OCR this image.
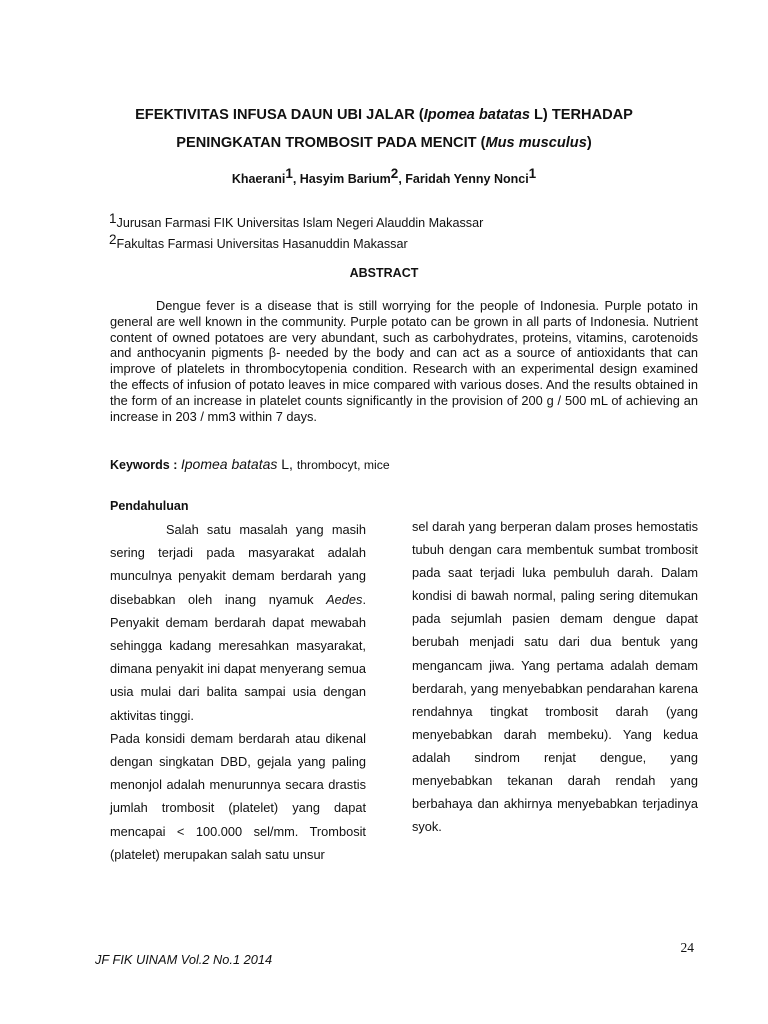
EFEKTIVITAS INFUSA DAUN UBI JALAR (Ipomea batatas L) TERHADAP
PENINGKATAN TROMBOSIT PADA MENCIT (Mus musculus)
Khaerani$^1$, Hasyim Barium$^2$, Faridah Yenny Nonci$^1$
$^1$Jurusan Farmasi FIK Universitas Islam Negeri Alauddin Makassar
$^2$Fakultas Farmasi Universitas Hasanuddin Makassar
ABSTRACT

Dengue fever is a disease that is still worrying for the people of Indonesia. Purple potato in general are well known in the community. Purple potato can be grown in all parts of Indonesia. Nutrient content of owned potatoes are very abundant, such as carbohydrates, proteins, vitamins, carotenoids and anthocyanin pigments β- needed by the body and can act as a source of antioxidants that can improve of platelets in thrombocytopenia condition. Research with an experimental design examined the effects of infusion of potato leaves in mice compared with various doses. And the results obtained in the form of an increase in platelet counts significantly in the provision of 200 g / 500 mL of achieving an increase in 203 / mm3 within 7 days.

Keywords : Ipomea batatas L, thrombocyt, mice
Pendahuluan
Salah satu masalah yang masih sering terjadi pada masyarakat adalah munculnya penyakit demam berdarah yang disebabkan oleh inang nyamuk Aedes. Penyakit demam berdarah dapat mewabah sehingga kadang meresahkan masyarakat, dimana penyakit ini dapat menyerang semua usia mulai dari balita sampai usia dengan aktivitas tinggi.
Pada konsidi demam berdarah atau dikenal dengan singkatan DBD, gejala yang paling menonjol adalah menurunnya secara drastis jumlah trombosit (platelet) yang dapat mencapai < 100.000 sel/mm. Trombosit (platelet) merupakan salah satu unsur
sel darah yang berperan dalam proses hemostatis tubuh dengan cara membentuk sumbat trombosit pada saat terjadi luka pembuluh darah. Dalam kondisi di bawah normal, paling sering ditemukan pada sejumlah pasien demam dengue dapat berubah menjadi satu dari dua bentuk yang mengancam jiwa. Yang pertama adalah demam berdarah, yang menyebabkan pendarahan karena rendahnya tingkat trombosit darah (yang menyebabkan darah membeku). Yang kedua adalah sindrom renjat dengue, yang menyebabkan tekanan darah rendah yang berbahaya dan akhirnya menyebabkan terjadinya syok.
24
JF FIK UINAM Vol.2 No.1 2014
